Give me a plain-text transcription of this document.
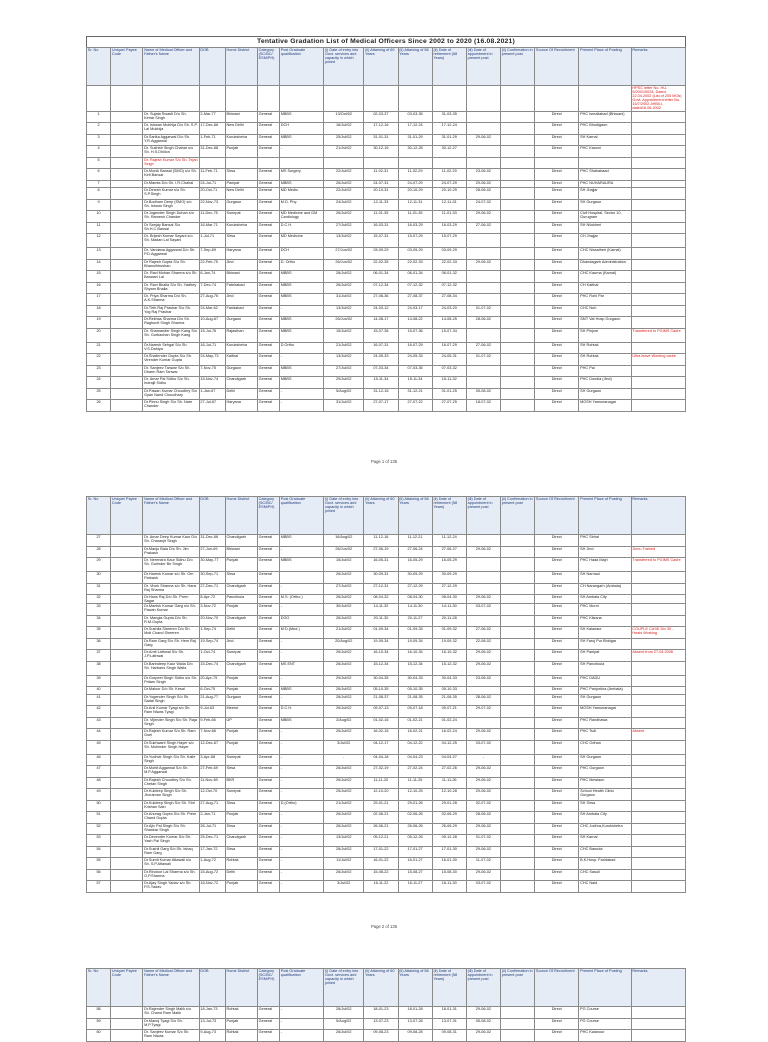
Tentative Gradation List of Medical Officers Since 2002 to 2020 (16.08.2021)
Sr. No	Unique/ Payee Code	Name of Medical Officer and Father's Name	DOB	Home District	Category (SC/BC/ ESM/PH)	Post Graduate qualification	(i) Date of entry into Govt. services and capacity in which joined	(ii) Attaining of 60 Years	(ii) Attaining of 58 Years	(ii) Date of retirement (58 Years)	(iii) Date of appointment in present post	(ii) Confirmation in present post	Source Of Recruitment	Present Place of Posting	Remarks
															HPSC letter No. HU-5/2001/5028, Dated 22.04.2002 (List of 205 MOs) Govt. Appointment letter No. 15/7/2002-3HBII-I, dated16.08.2002
1		Dr. Sujata Swasti D/o Sh. Kehar Singh	2-Mar-77	Bhiwani	General	MBBS	13/Oct/02	02-03-37	03-03-35	31-03-35			Direct	PHC Ismailabad (Bhiwani)	
2		Dr. Ishwan Mukhija D/o Sh. S.P. Lal Mukhija	17-Dec-66	New Delhi	General	DCH	16/Jul/02	17-12-16	17-12-24	17-12-24			Direct	PHC Bhodigaon	
3		Dr.Sarika Aggarwal D/o Sh. Y.R.Aggarwal	1-Feb-71	Kurukshetra	General	MBBS	25/Jul/02	31-01-31	31-01-29	31-01-29	29-06-02		Direct	SH Karnal	
4		Dr. Sukhbir Singh Chahar s/o Sh. H.S.Dhillon	31-Dec-68	Punjab	General	-	21/Jul/02	30-12-16	30-12-28	30-12-27			Direct	PHC Kasoni	
5		Dr. Rajesh Kumar S/o Sh. Tejan Singh													
6		Dr.Monik Bansal (SMO) s/o Sh. Kirti Bansal	11-Feb-71	Sirsa	General	MS Surgery	22/Jul/02	11-02-31	11-02-29	11-02-29	23-06-02		Direct	PHC Shahabaad	
7		Dr.Mamta D/o Sh. I.R.Chahal	24-Jul-71	Panipat	General	MBBS	26/Jul/02	24-07-31	24-07-29	24-07-29	29-06-02		Direct	PHC NUHARAURA	
8		Dr.Dinesh Kumar s/o Sh. S.P.Singh	20-Oct-71	New Delhi	General	MD Medic.	22/Jul/02	20-10-31	20-10-29	20-10-29	28-06-02		Direct	SH Jhajjar	
9		Dr.Bodham Deep (SMO) s/o Sh. Ishwar Singh	22-Nov-73	Gurgaon	General	M.D. Phy.	24/Jul/02	12-11-33	12-11-31	12-11-31	24-07-02		Direct	SH Gurgaon	
10		Dr.Jugender Singh Duhan s/o Sh. Ramesh Chander	11-Dec-75	Sonepat	General	MD Medicine and DM Cardiology	26/Jul/02	11-01-35	11-01-35	11-01-33	29-06-02		Direct	Civil Hospital, Sector 10, Gurugram	
11		Dr Sanjay Bansal S/o Sh.H.C.Bansal	16-Mar-71	Kurukshetra	General	D.C.H.	27/Jul/02	16-03-31	16-03-29	16-03-29	27-06-02		Direct	SH Nilokheri	
12		Dr. Brijesh Kumar Sayani s/o Sh. Madan Lal Sayani	1-Jul-71	Sirsa	General	MD Medicine	13/Jul/02	15-07-31	15-07-29	15-07-29			Direct	CH Jhajjar	
13		Dr. Vandana Aggarwal D/o Sh. P.D.Aggarwal	7-Sep-69	Haryana	General	DCH	27/Jun/02	03-09-29	03-09-29	03-09-29			Direct	CHC Nissalheri (Karnal)	
14		Dr Rajesh Gupta S/o Sh. Bhanulhbushan	22-Feb-75	Jind	General	D. Ortho	26/Jun/02	22-02-35	22-02-33	22-02-33	29-06-02		Direct	Dhandagarh Administration	
15		Dr. Ravi Mohan Sharma s/o Sh. Banwari Lal	6-Jan-74	Bhiwani	General	MBBS	26/Jul/02	06-01-34	06-01-34	06-01-32			Direct	CHC Kaurna (Karnal)	
16		Dr. Ravi Bhalla S/o Sh. Yadhey Shyam Bhalla	7-Dec-74	Fatehabad	General	MBBS	26/Jul/02	07-12-34	07-12-32	07-12-32			Direct	CH Kaithal	
17		Dr. Priya Sharma D/o Sh. A.K.Sharma	27-Aug-76	Jind	General	MBBS	31/Jul/02	27-08-36	27-08-37	27-08-34			Direct	PHC Rohi Par	
18		Dr.Tirth Raj Prashar S/o Sh. Yog Raj Prashar	24-Mar-62	Faridabad	General	-	13/Jul/02	24-03-12	24-03-17	24-03-20	01-07-02		Direct	CHC Nuh	
19		Dr.Rekhas Sharma D/o Sh. Raghunit Singh Sharma	10-Aug-67	Gurgaon	General	MBBS	26/Jun/02	14-08-17	14-08-22	14-08-25	28-06-02		Direct	SMT Vat Hosp Gurgaon	
20		Dr. Shamander Singh Kang S/o Sh. Gurbachan Singh Kang	15-Jul-76	Rajasthan	General	MBBS	15/Jul/02	15-07-36	15-07-36	15-07-34			Direct	SH Pinjore	Transferred to PGIMS Cadre
21		Dr.Naresh Sehgal S/o Sh. V.S.Dahiya	16-Jul-71	Kurukshetra	General	D.Ortho	21/Jul/02	16-07-31	16-07-29	16-07-29	27-06-02		Direct	SH Rohtak	
22		Dr.Shailender Gupta S/o Sh. Virender Kumar Gupta	24-May-73	Kaithal	General	-	13/Jul/02	24-05-33	24-05-33	24-05-31	01-07-02		Direct	SH Rohtak	Ultra leave Working cadre
23		Dr. Sanjeev Tanwar S/o Sh. Dharm Ram Tanwar	7-Nov-75	Gurgaon	General	MBBS	27/Jul/02	07-03-34	07-03-35	07-03-32			Direct	PHC Pai	
24		Dr. Amar Pal Sidhu S/o Sh. Indrajit Sidhu	15-Nov-74	Chandigarh	General	MBBS	29/Jul/02	15-11-34	15-11-34	15-11-32			Direct	PHC Dondla (Jind)	
25		Dr.Pawan Kumar Choudhry S/o Gyan Nand Choudhary	1-Jan-67	Delhi	General	-	5/Aug/02	31-12-16	31-12-21	01-01-25	05-08-02		Direct	SH Gurgaon	
26		Dr.Pinnu Singh S/o Sh. Nare Chander	27-Jul-67	Haryana	General	-	31/Jul/02	27-07-17	27-07-22	27-07-25	18-07-02		Direct	MGSH Yamunanagar	
Page 1 of 135
Sr. No	Unique/ Payee Code	Name of Medical Officer and Father's Name	DOB	Home District	Category (SC/BC/ ESM/PH)	Post Graduate qualification	(i) Date of entry into Govt. services and capacity in which joined	(ii) Attaining of 60 Years	(ii) Attaining of 58 Years	(ii) Date of retirement (58 Years)	(iii) Date of appointment in present post	(ii) Confirmation in present post	Source Of Recruitment	Present Place of Posting	Remarks
27		Dr. Amar Deep Kumar Kaur D/o Sh. Charanjit Singh	31-Dec-66	Chandigarh	General	MBBS	16/Aug/02	11-12-16	11-12-21	11-12-24			Direct	PHC Sirhal	
28		Dr.Manju Bala D/o Sh. Jim Prakash	27-Jun-69	Bhiwani	General	-	26/Jun/02	27-06-19	27-06-24	27-06-27	29-06-02		Direct	SH Jind	Jinnu Trained
29		Dr. Nerendra Kaur Sidhu D/o Sh. Gurinder Bir Singh	30-May-77	Punjab	General	MBBS	15/Jul/02	16-05-31	16-05-29	16-05-29			Direct	PHC Hada Majri	Transferred to PGIMS Cadre
30		Dr.Haresh Kumar s/o Sh. Om Parkash	30-Sep-71	Sirsa	General		26/Jul/02	30-09-31	30-09-29	30-09-29			Direct	SH Narnaul	
31		Dr. Vivek Sharma s/o Sh. Hans Raj Sharma	27-Dec-71	Chandigarh	General	-	27/Jul/02	27-12-31	27-12-29	27-12-29			Direct	CH Narangarh (Ambala)	
32		Dr.Hans Raj D/o Sh. Prem Sagar	8-Apr-72	Panchkula	General	M.S. (Ortho.)	26/Jul/02	08-04-32	08-04-30	08-04-30	29-06-02		Direct	SH Ambala City	
33		Dr.Manish Kumar Garg s/o Sh. Pawan Kumar	3-Nov-72	Punjab	General	-	30/Jul/02	14-11-32	14-11-30	14-11-30	03-07-02		Direct	PHC Morni	
34		Dr. Mangla Gupta D/o Sh. R.M.Gupta	20-Nov-70	Chandigarh	General	DGO	26/Jul/02	20-11-30	20-11-27	20-11-28			Direct	PHC Kilsana	
35		Dr.Sushila Sheeren D/o Sh. Moti Chand Sheeren	1-Sep-74	Delhi	General	M.D.(Med.)	21/Jul/02	01-09-34	01-09-33	01-09-32	27-06-02		Direct	SH Kalanaur	COUPLE CASE Div 30 - Heals Working
36		Dr.Ram Garg S/o Sh. Hem Raj Garg	19-Sep-74	Jind	General	-	20/Aug/02	19-09-34	19-09-34	19-09-32	22-08-02		Direct	SH Faroj Pur Bhirigar	
37		Dr.Amit Lathwal S/o Sh. J.P.Lathwal	1-Oct-74	Sonepat	General	-	26/Jul/02	16-10-34	16-10-34	16-10-32	29-06-02		Direct	SH Panipat	Absent from 27.04.2008
38		Dr.Barindeep Kaur Walia D/o Sh. Harbans Singh Walia	15-Dec-74	Chandigarh	General	MS ENT	26/Jul/02	15-12-34	15-12-34	15-12-32	29-06-02		Direct	SH Panchkula	
39		Dr.Gurpeet Singh Sidhu s/o Sh. Pritam Singh	20-Apr-75	Punjab	General	-	29/Jul/02	30-04-35	30-04-33	30-04-33	23-06-02		Direct	PHC DADU	
40		Dr.Maloor D/o Sh. Kesal	6-Oct-75	Punjab	General	MBBS	26/Jul/02	05-10-35	05-10-35	05-10-33			Direct	PHC Panjorkha (Ambala)	
41		Dr.Yogender Singh S/o Sh. Sadal Singh	21-Aug-77	Gurgaon	General	-	26/Jul/02	21-08-37	21-08-35	21-08-35	28-06-02		Direct	SH Gurgaon	
42		Dr.Anil Kumar Tyagi s/o Sh. Ram Niwas Tyagi	9-Jul-63	Meerut	General	D.C.H.	26/Jul/02	09-07-13	09-07-18	09-07-21	29-07-02		Direct	MGSH Yamunanagar	
43		Dr. Vijender Singh S/o Sh. Raja Singh	9-Feb-66	UP	General	MBBS	2/Aug/02	01-02-16	01-02-21	01-02-24			Direct	PHC Randhawa	
44		Dr.Rajesh Kumar S/o Sh. Ram Goel	7-Nov-66	Punjab	General	-	26/Jul/02	16-02-16	16-02-21	16-02-24	29-06-02		Direct	PHC Tsdi	Absent
45		Dr.Sukhwant Singh Hayer s/o Sh. Mohinder Singh Hayer	12-Dec-67	Punjab	General	-	3/Jul/02	04-12-17	04-12-22	04-12-25	03-07-02		Direct	CHC Odhan	
46		Dr.Yudhvir Singh S/o Sh. Kalle Singh	3-Apr-68	Sonepat	General	-	-	04-04-18	04-04-23	04-04-27	-		Direct	SH Gurgaon	
47		Dr.Mohit Aggarwal S/o Sh. M.P.Aggarwal	27-Feb-69	Sirsa	General	-	26/Jul/02	27-02-19	27-02-24	27-02-26	29-06-02		Direct	PHC Gurgaon	
48		Dr.Rajesh Choudhry S/o Sh. Chetan Singh	11-Nov-69	BKR	General	-	26/Jul/02	11-11-20	11-11-25	11-11-26	29-06-02		Direct	PHC Mewlaon	
49		Dr.Kuldeep Singh S/o Sh. Jhoraman Singh	12-Oct-70	Sonepat	General	-	25/Jul/02	12-10-20	12-10-25	12-10-28	29-06-02		Direct	School Health Clinic Gurgaon	
50		Dr.Kuldeep Singh S/o Sh. Shri Krishan Sain	27-Aug-71	Sirsa	General	D.(Ortho)	21/Jul/02	29-01-21	29-01-26	29-01-28	02-07-02		Direct	SH Sirsa	
51		Dr.Anurag Gupta S/o Sh. Prem Chand Gupta	2-Jan-71	Punjab	General	-	26/Jul/02	02-06-21	02-06-26	02-06-29	28-06-02		Direct	SH Ambala City	
52		Dr.Ajiv Pal Singh S/o Sh. Shankar Singh	26-Jul-71	Sirsa	General	-	26/Jul/02	26-06-21	26-06-26	26-06-29	29-06-02		Direct	CHC Jodhra,Kurukshetra	
53		Dr.Devender Kumar S/o Sh. Yash Pal Singh	25-Dec-71	Chandigarh	General	-	13/Jul/02	05-12-21	05-12-26	05-12-28	01-07-02		Direct	SH Karnal	
54		Dr.Sushil Garg S/o Sh. Ishaq Ram Garg	17-Jan-72	Sirsa	General	-	26/Jul/02	17-01-22	17-01-27	17-01-30	29-06-02		Direct	CHC Banuda	
55		Dr.Sumit Kumar Attawali s/o Sh. S.P.Attawali	1-Aug-72	Rohtak	General	-	11/Jul/02	16-01-22	16-01-27	16-01-30	11-07-02		Direct	B.K.Hosp. Faridabad	
56		Dr.Rindoor Lal Sharma s/o Sh. O.P.Sharma	15-Aug-72	Delhi	General	-	26/Jul/02	15-08-22	15-08-27	15-08-30	29-06-02		Direct	CHC Sasuli	
57		Dr.Ajay Singh Yadav s/o Sh. P.S.Yadav	16-Nov-72	Punjab	General	-	3/Jul/02	16-11-22	16-11-27	16-11-30	03-07-02		Direct	CHC Naid	
Page 2 of 135
Sr. No	Unique/ Payee Code	Name of Medical Officer and Father's Name	DOB	Home District	Category (SC/BC/ ESM/PH)	Post Graduate qualification	(i) Date of entry into Govt. services and capacity in which joined	(ii) Attaining of 60 Years	(ii) Attaining of 58 Years	(ii) Date of retirement (58 Years)	(iii) Date of appointment in present post	(ii) Confirmation in present post	Source Of Recruitment	Present Place of Posting	Remarks
58		Dr.Rajender Singh Malik s/o Sh. Chand Ram Malik	18-Jan-73	Rohtak	General	-	26/Jul/02	18-01-23	18-01-28	18-01-31	29-06-02		Direct	PG Course	
59		Dr.Manoj Tyagi S/o Sh. M.P.Tyagi	13-Jul-73	Punjab	General	-	5/Aug/02	13-07-23	13-07-28	13-07-31	05-08-02		Direct	PG Course	
60		Dr. Sanjeev Kumar S/o Sh. Ram Niwas	9-Aug-73	Rohtak	General	-	26/Jul/02	09-08-23	09-08-28	09-08-31	29-06-02		Direct	PHC Kalanour	
